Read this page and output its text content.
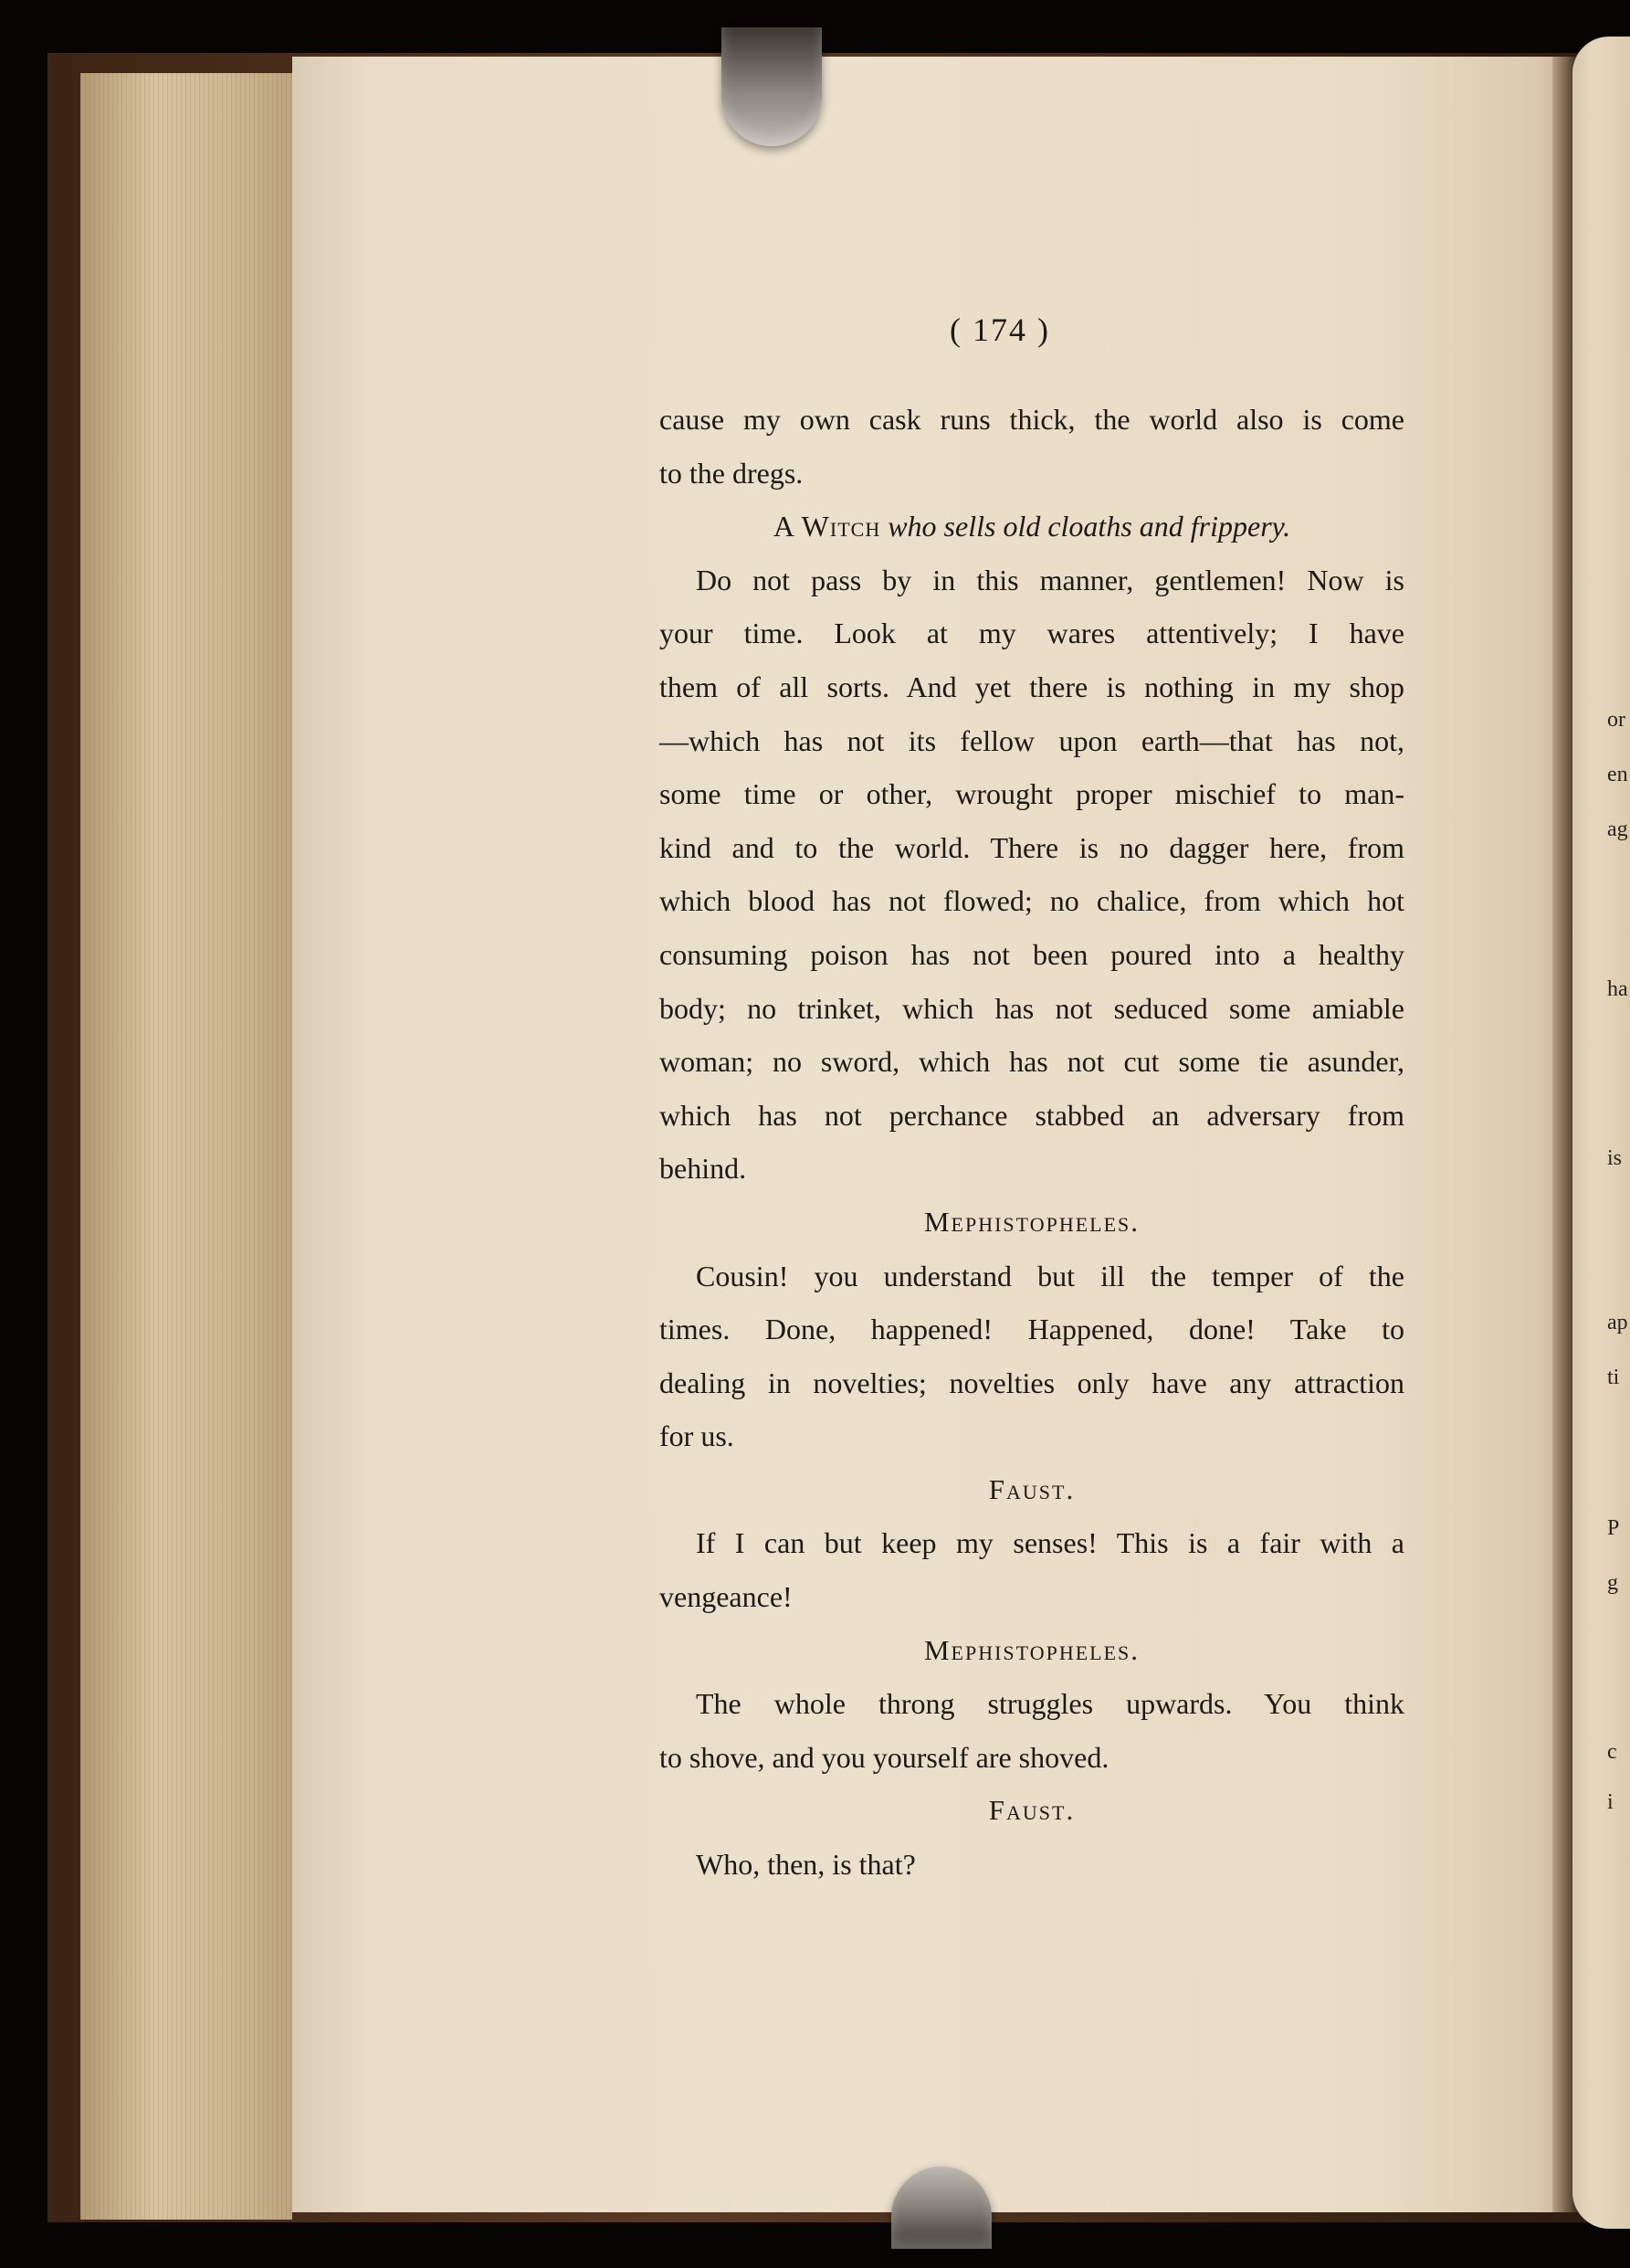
( 174 )
cause my own cask runs thick, the world also is come
to the dregs.
A Witch who sells old cloaths and frippery.
Do not pass by in this manner, gentlemen! Now is
your time. Look at my wares attentively; I have
them of all sorts. And yet there is nothing in my shop
—which has not its fellow upon earth—that has not,
some time or other, wrought proper mischief to man-
kind and to the world. There is no dagger here, from
which blood has not flowed; no chalice, from which hot
consuming poison has not been poured into a healthy
body; no trinket, which has not seduced some amiable
woman; no sword, which has not cut some tie asunder,
which has not perchance stabbed an adversary from
behind.
Mephistopheles.
Cousin! you understand but ill the temper of the
times. Done, happened! Happened, done! Take to
dealing in novelties; novelties only have any attraction
for us.
Faust.
If I can but keep my senses! This is a fair with a
vengeance!
Mephistopheles.
The whole throng struggles upwards. You think
to shove, and you yourself are shoved.
Faust.
Who, then, is that?
or
en
ag
ha
is
ap
ti
P
g
c
i
